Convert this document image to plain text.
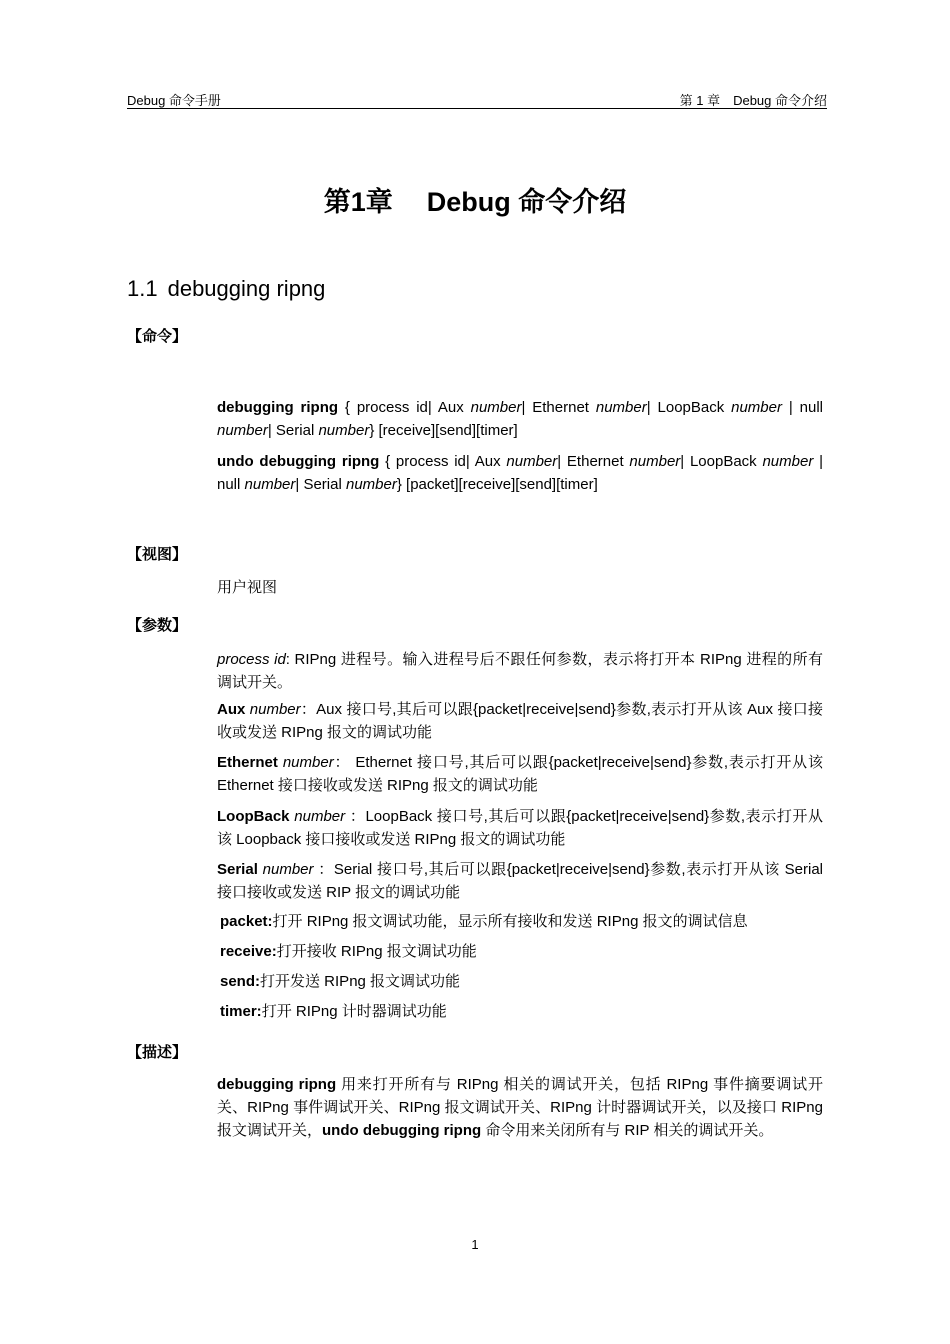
Debug 命令手册	第 1 章　Debug 命令介绍
第1章 Debug 命令介绍
1.1 debugging ripng
【命令】
debugging ripng { process id| Aux number| Ethernet number| LoopBack number | null number| Serial number} [receive][send][timer]
undo debugging ripng { process id| Aux number| Ethernet number| LoopBack number | null number| Serial number} [packet][receive][send][timer]
【视图】
用户视图
【参数】
process id: RIPng 进程号。输入进程号后不跟任何参数，表示将打开本 RIPng 进程的所有调试开关。
Aux number：Aux 接口号,其后可以跟{packet|receive|send}参数,表示打开从该 Aux 接口接收或发送 RIPng 报文的调试功能
Ethernet number： Ethernet 接口号,其后可以跟{packet|receive|send}参数,表示打开从该 Ethernet 接口接收或发送 RIPng 报文的调试功能
LoopBack number ：LoopBack 接口号,其后可以跟{packet|receive|send}参数,表示打开从该 Loopback 接口接收或发送 RIPng 报文的调试功能
Serial number ：Serial 接口号,其后可以跟{packet|receive|send}参数,表示打开从该 Serial 接口接收或发送 RIP 报文的调试功能
packet:打开 RIPng 报文调试功能，显示所有接收和发送 RIPng 报文的调试信息
receive:打开接收 RIPng 报文调试功能
send:打开发送 RIPng 报文调试功能
timer:打开 RIPng 计时器调试功能
【描述】
debugging ripng 用来打开所有与 RIPng 相关的调试开关，包括 RIPng 事件摘要调试开关、RIPng 事件调试开关、RIPng 报文调试开关、RIPng 计时器调试开关，以及接口 RIPng 报文调试开关，undo debugging ripng 命令用来关闭所有与 RIP 相关的调试开关。
1
